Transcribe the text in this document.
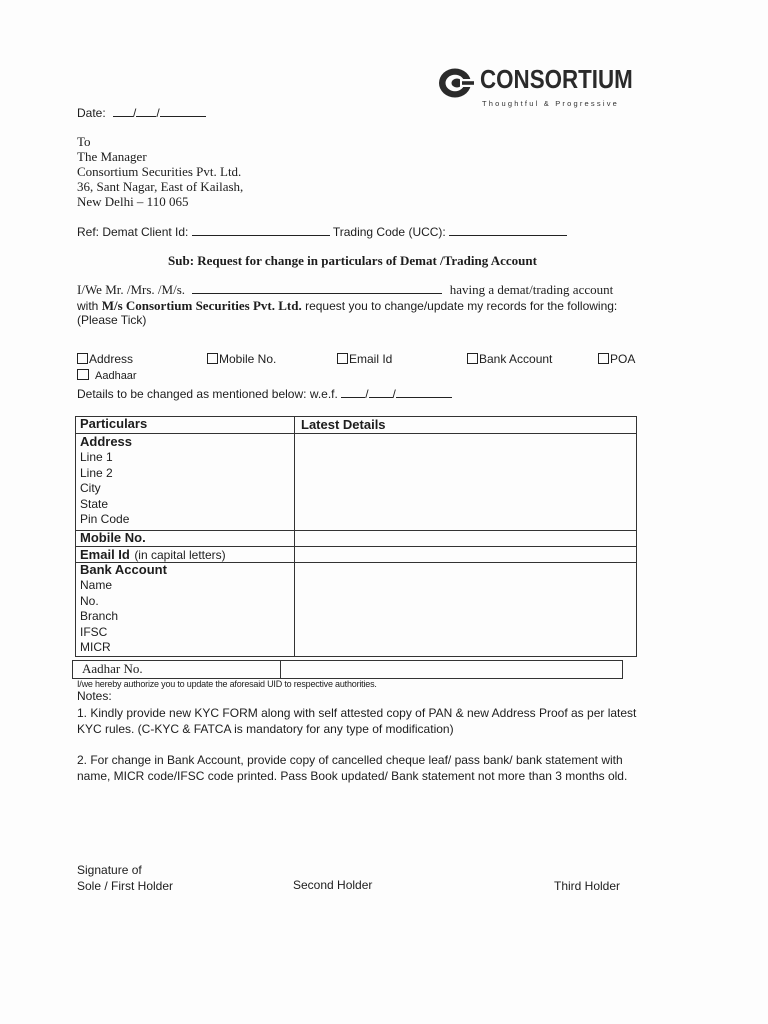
CONSORTIUM
Thoughtful & Progressive
Date: / /
To
The Manager
Consortium Securities Pvt. Ltd.
36, Sant Nagar, East of Kailash,
New Delhi – 110 065
Ref: Demat Client Id:	Trading Code (UCC):
Sub: Request for change in particulars of Demat /Trading Account
I/We Mr. /Mrs. /M/s.	having a demat/trading account
with M/s Consortium Securities Pvt. Ltd. request you to change/update my records for the following:
(Please Tick)
Address	Mobile No.	Email Id	Bank Account	POA
Aadhaar
Details to be changed as mentioned below: w.e.f. / /
Particulars	Latest Details
Address
Line 1
Line 2
City
State
Pin Code
Mobile No.
Email Id (in capital letters)
Bank Account
Name
No.
Branch
IFSC
MICR
Aadhar No.
I/we hereby authorize you to update the aforesaid UID to respective authorities.
Notes:
1. Kindly provide new KYC FORM along with self attested copy of PAN & new Address Proof as per latest
KYC rules. (C-KYC & FATCA is mandatory for any type of modification)
2. For change in Bank Account, provide copy of cancelled cheque leaf/ pass bank/ bank statement with
name, MICR code/IFSC code printed. Pass Book updated/ Bank statement not more than 3 months old.
Signature of
Sole / First Holder	Second Holder	Third Holder
